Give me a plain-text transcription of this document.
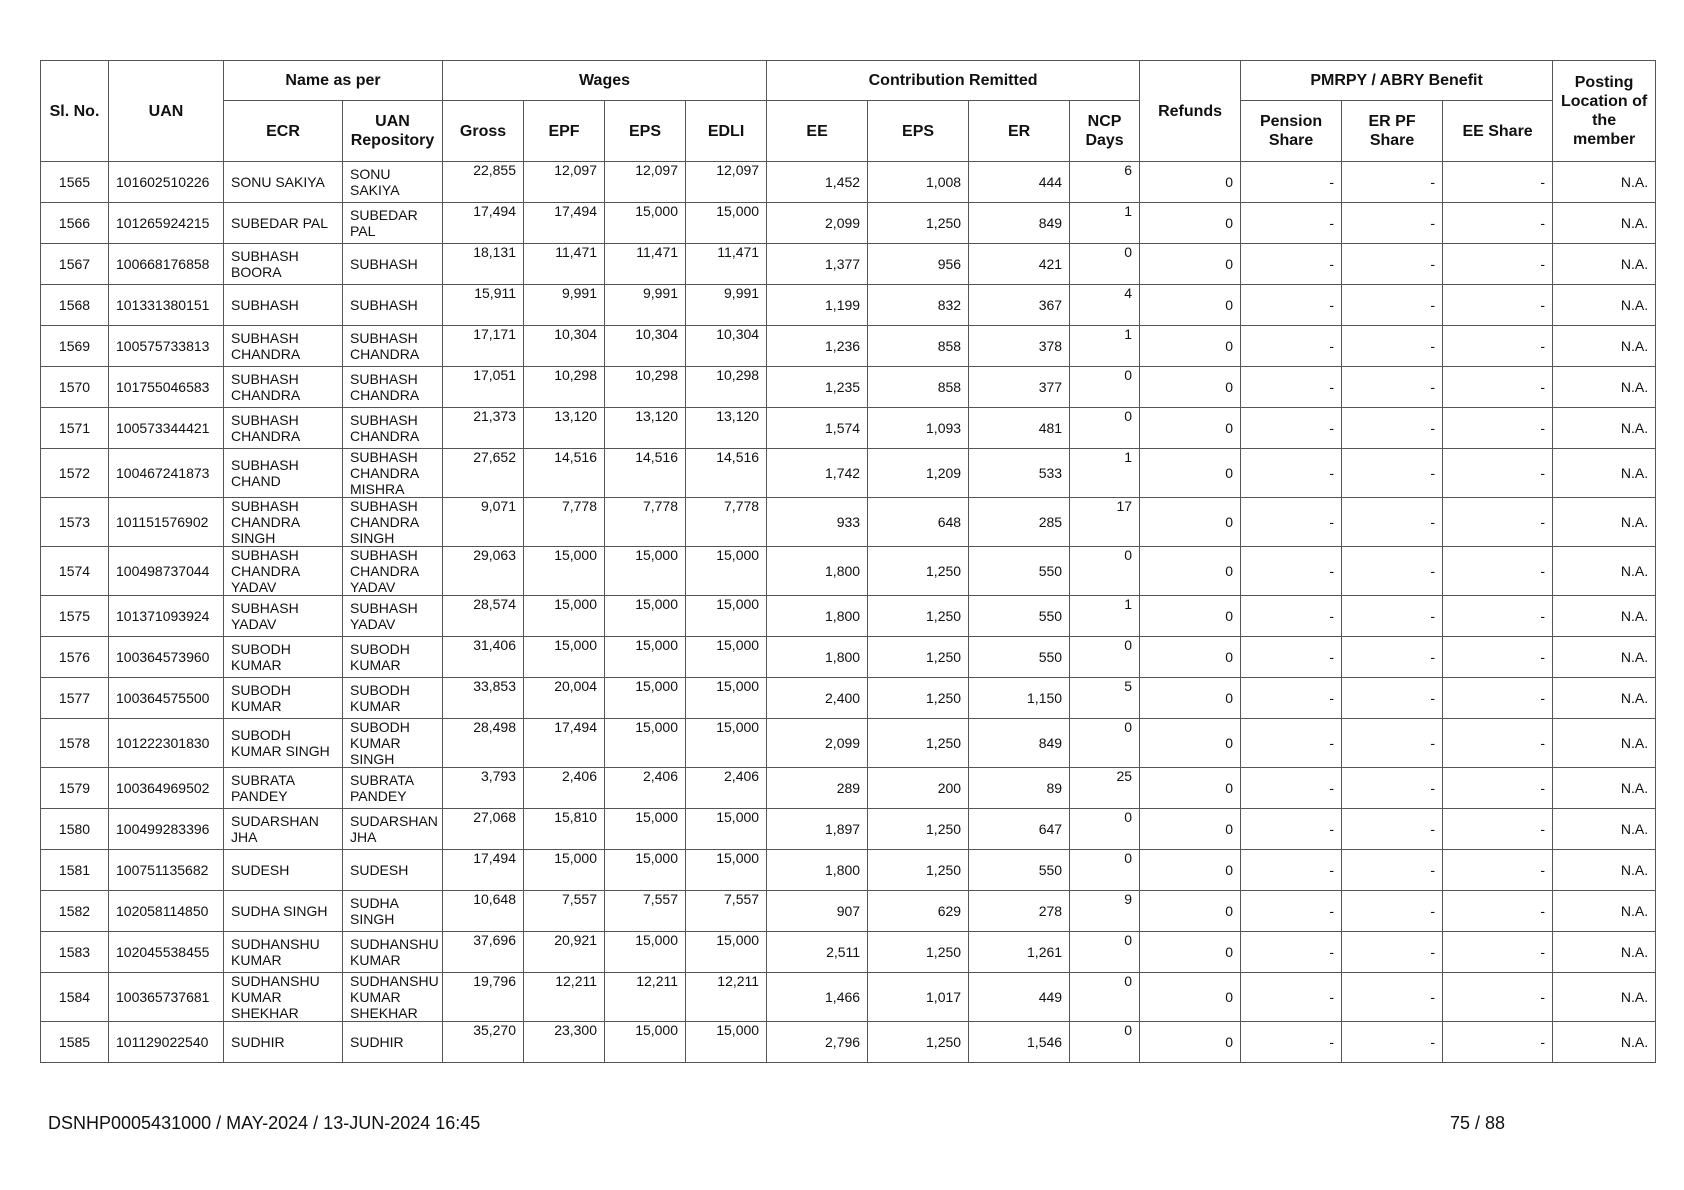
Sl. No.	UAN	Name as per		Wages				Contribution Remitted				Refunds	PMRPY / ABRY Benefit			Posting Location of the member
		ECR	UAN Repository	Gross	EPF	EPS	EDLI	EE	EPS	ER	NCP Days		Pension Share	ER PF Share	EE Share	
1565	101602510226	SONU SAKIYA	SONU SAKIYA	22,855	12,097	12,097	12,097	1,452	1,008	444	6	0	-	-	-	N.A.
1566	101265924215	SUBEDAR PAL	SUBEDAR PAL	17,494	17,494	15,000	15,000	2,099	1,250	849	1	0	-	-	-	N.A.
1567	100668176858	SUBHASH BOORA	SUBHASH	18,131	11,471	11,471	11,471	1,377	956	421	0	0	-	-	-	N.A.
1568	101331380151	SUBHASH	SUBHASH	15,911	9,991	9,991	9,991	1,199	832	367	4	0	-	-	-	N.A.
1569	100575733813	SUBHASH CHANDRA	SUBHASH CHANDRA	17,171	10,304	10,304	10,304	1,236	858	378	1	0	-	-	-	N.A.
1570	101755046583	SUBHASH CHANDRA	SUBHASH CHANDRA	17,051	10,298	10,298	10,298	1,235	858	377	0	0	-	-	-	N.A.
1571	100573344421	SUBHASH CHANDRA	SUBHASH CHANDRA	21,373	13,120	13,120	13,120	1,574	1,093	481	0	0	-	-	-	N.A.
1572	100467241873	SUBHASH CHAND	SUBHASH CHANDRA MISHRA	27,652	14,516	14,516	14,516	1,742	1,209	533	1	0	-	-	-	N.A.
1573	101151576902	SUBHASH CHANDRA SINGH	SUBHASH CHANDRA SINGH	9,071	7,778	7,778	7,778	933	648	285	17	0	-	-	-	N.A.
1574	100498737044	SUBHASH CHANDRA YADAV	SUBHASH CHANDRA YADAV	29,063	15,000	15,000	15,000	1,800	1,250	550	0	0	-	-	-	N.A.
1575	101371093924	SUBHASH YADAV	SUBHASH YADAV	28,574	15,000	15,000	15,000	1,800	1,250	550	1	0	-	-	-	N.A.
1576	100364573960	SUBODH KUMAR	SUBODH KUMAR	31,406	15,000	15,000	15,000	1,800	1,250	550	0	0	-	-	-	N.A.
1577	100364575500	SUBODH KUMAR	SUBODH KUMAR	33,853	20,004	15,000	15,000	2,400	1,250	1,150	5	0	-	-	-	N.A.
1578	101222301830	SUBODH KUMAR SINGH	SUBODH KUMAR SINGH	28,498	17,494	15,000	15,000	2,099	1,250	849	0	0	-	-	-	N.A.
1579	100364969502	SUBRATA PANDEY	SUBRATA PANDEY	3,793	2,406	2,406	2,406	289	200	89	25	0	-	-	-	N.A.
1580	100499283396	SUDARSHAN JHA	SUDARSHAN JHA	27,068	15,810	15,000	15,000	1,897	1,250	647	0	0	-	-	-	N.A.
1581	100751135682	SUDESH	SUDESH	17,494	15,000	15,000	15,000	1,800	1,250	550	0	0	-	-	-	N.A.
1582	102058114850	SUDHA SINGH	SUDHA SINGH	10,648	7,557	7,557	7,557	907	629	278	9	0	-	-	-	N.A.
1583	102045538455	SUDHANSHU KUMAR	SUDHANSHU KUMAR	37,696	20,921	15,000	15,000	2,511	1,250	1,261	0	0	-	-	-	N.A.
1584	100365737681	SUDHANSHU KUMAR SHEKHAR	SUDHANSHU KUMAR SHEKHAR	19,796	12,211	12,211	12,211	1,466	1,017	449	0	0	-	-	-	N.A.
1585	101129022540	SUDHIR	SUDHIR	35,270	23,300	15,000	15,000	2,796	1,250	1,546	0	0	-	-	-	N.A.
DSNHP0005431000 / MAY-2024 / 13-JUN-2024 16:45	75 / 88
